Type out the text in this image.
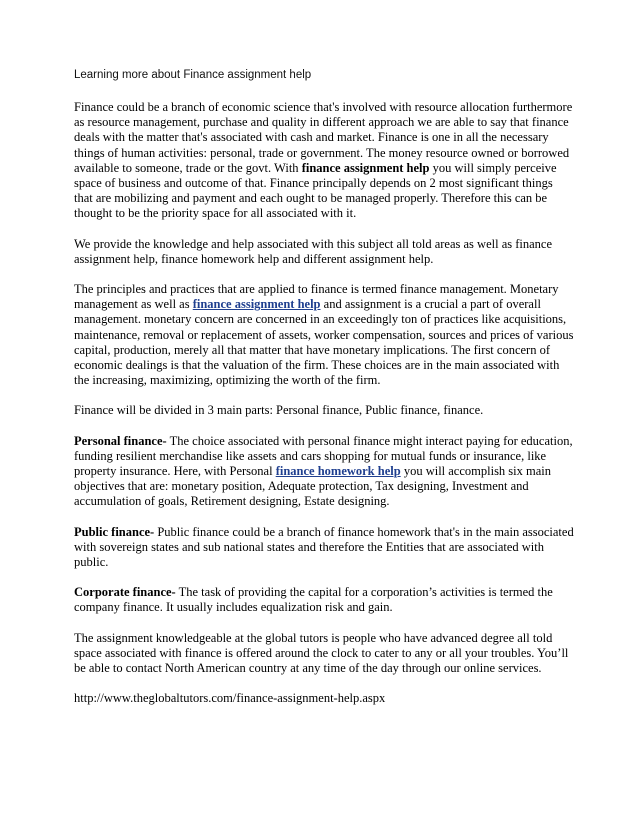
Learning more about Finance assignment help

Finance could be a branch of economic science that's involved with resource allocation furthermore as resource management, purchase and quality in different approach we are able to say that finance deals with the matter that's associated with cash and market. Finance is one in all the necessary things of human activities: personal, trade or government. The money resource owned or borrowed available to someone, trade or the govt. With finance assignment help you will simply perceive space of business and outcome of that. Finance principally depends on 2 most significant things that are mobilizing and payment and each ought to be managed properly. Therefore this can be thought to be the priority space for all associated with it.

We provide the knowledge and help associated with this subject all told areas as well as finance assignment help, finance homework help and different assignment help.

The principles and practices that are applied to finance is termed finance management. Monetary management as well as finance assignment help and assignment is a crucial a part of overall management. monetary concern are concerned in an exceedingly ton of practices like acquisitions, maintenance, removal or replacement of assets, worker compensation, sources and prices of various capital, production, merely all that matter that have monetary implications. The first concern of economic dealings is that the valuation of the firm. These choices are in the main associated with the increasing, maximizing, optimizing the worth of the firm.

Finance will be divided in 3 main parts: Personal finance, Public finance, finance.

Personal finance- The choice associated with personal finance might interact paying for education, funding resilient merchandise like assets and cars shopping for mutual funds or insurance, like property insurance. Here, with Personal finance homework help you will accomplish six main objectives that are: monetary position, Adequate protection, Tax designing, Investment and accumulation of goals, Retirement designing, Estate designing.

Public finance- Public finance could be a branch of finance homework that's in the main associated with sovereign states and sub national states and therefore the Entities that are associated with public.

Corporate finance- The task of providing the capital for a corporation’s activities is termed the company finance. It usually includes equalization risk and gain.

The assignment knowledgeable at the global tutors is people who have advanced degree all told space associated with finance is offered around the clock to cater to any or all your troubles. You’ll be able to contact North American country at any time of the day through our online services.

http://www.theglobaltutors.com/finance-assignment-help.aspx
